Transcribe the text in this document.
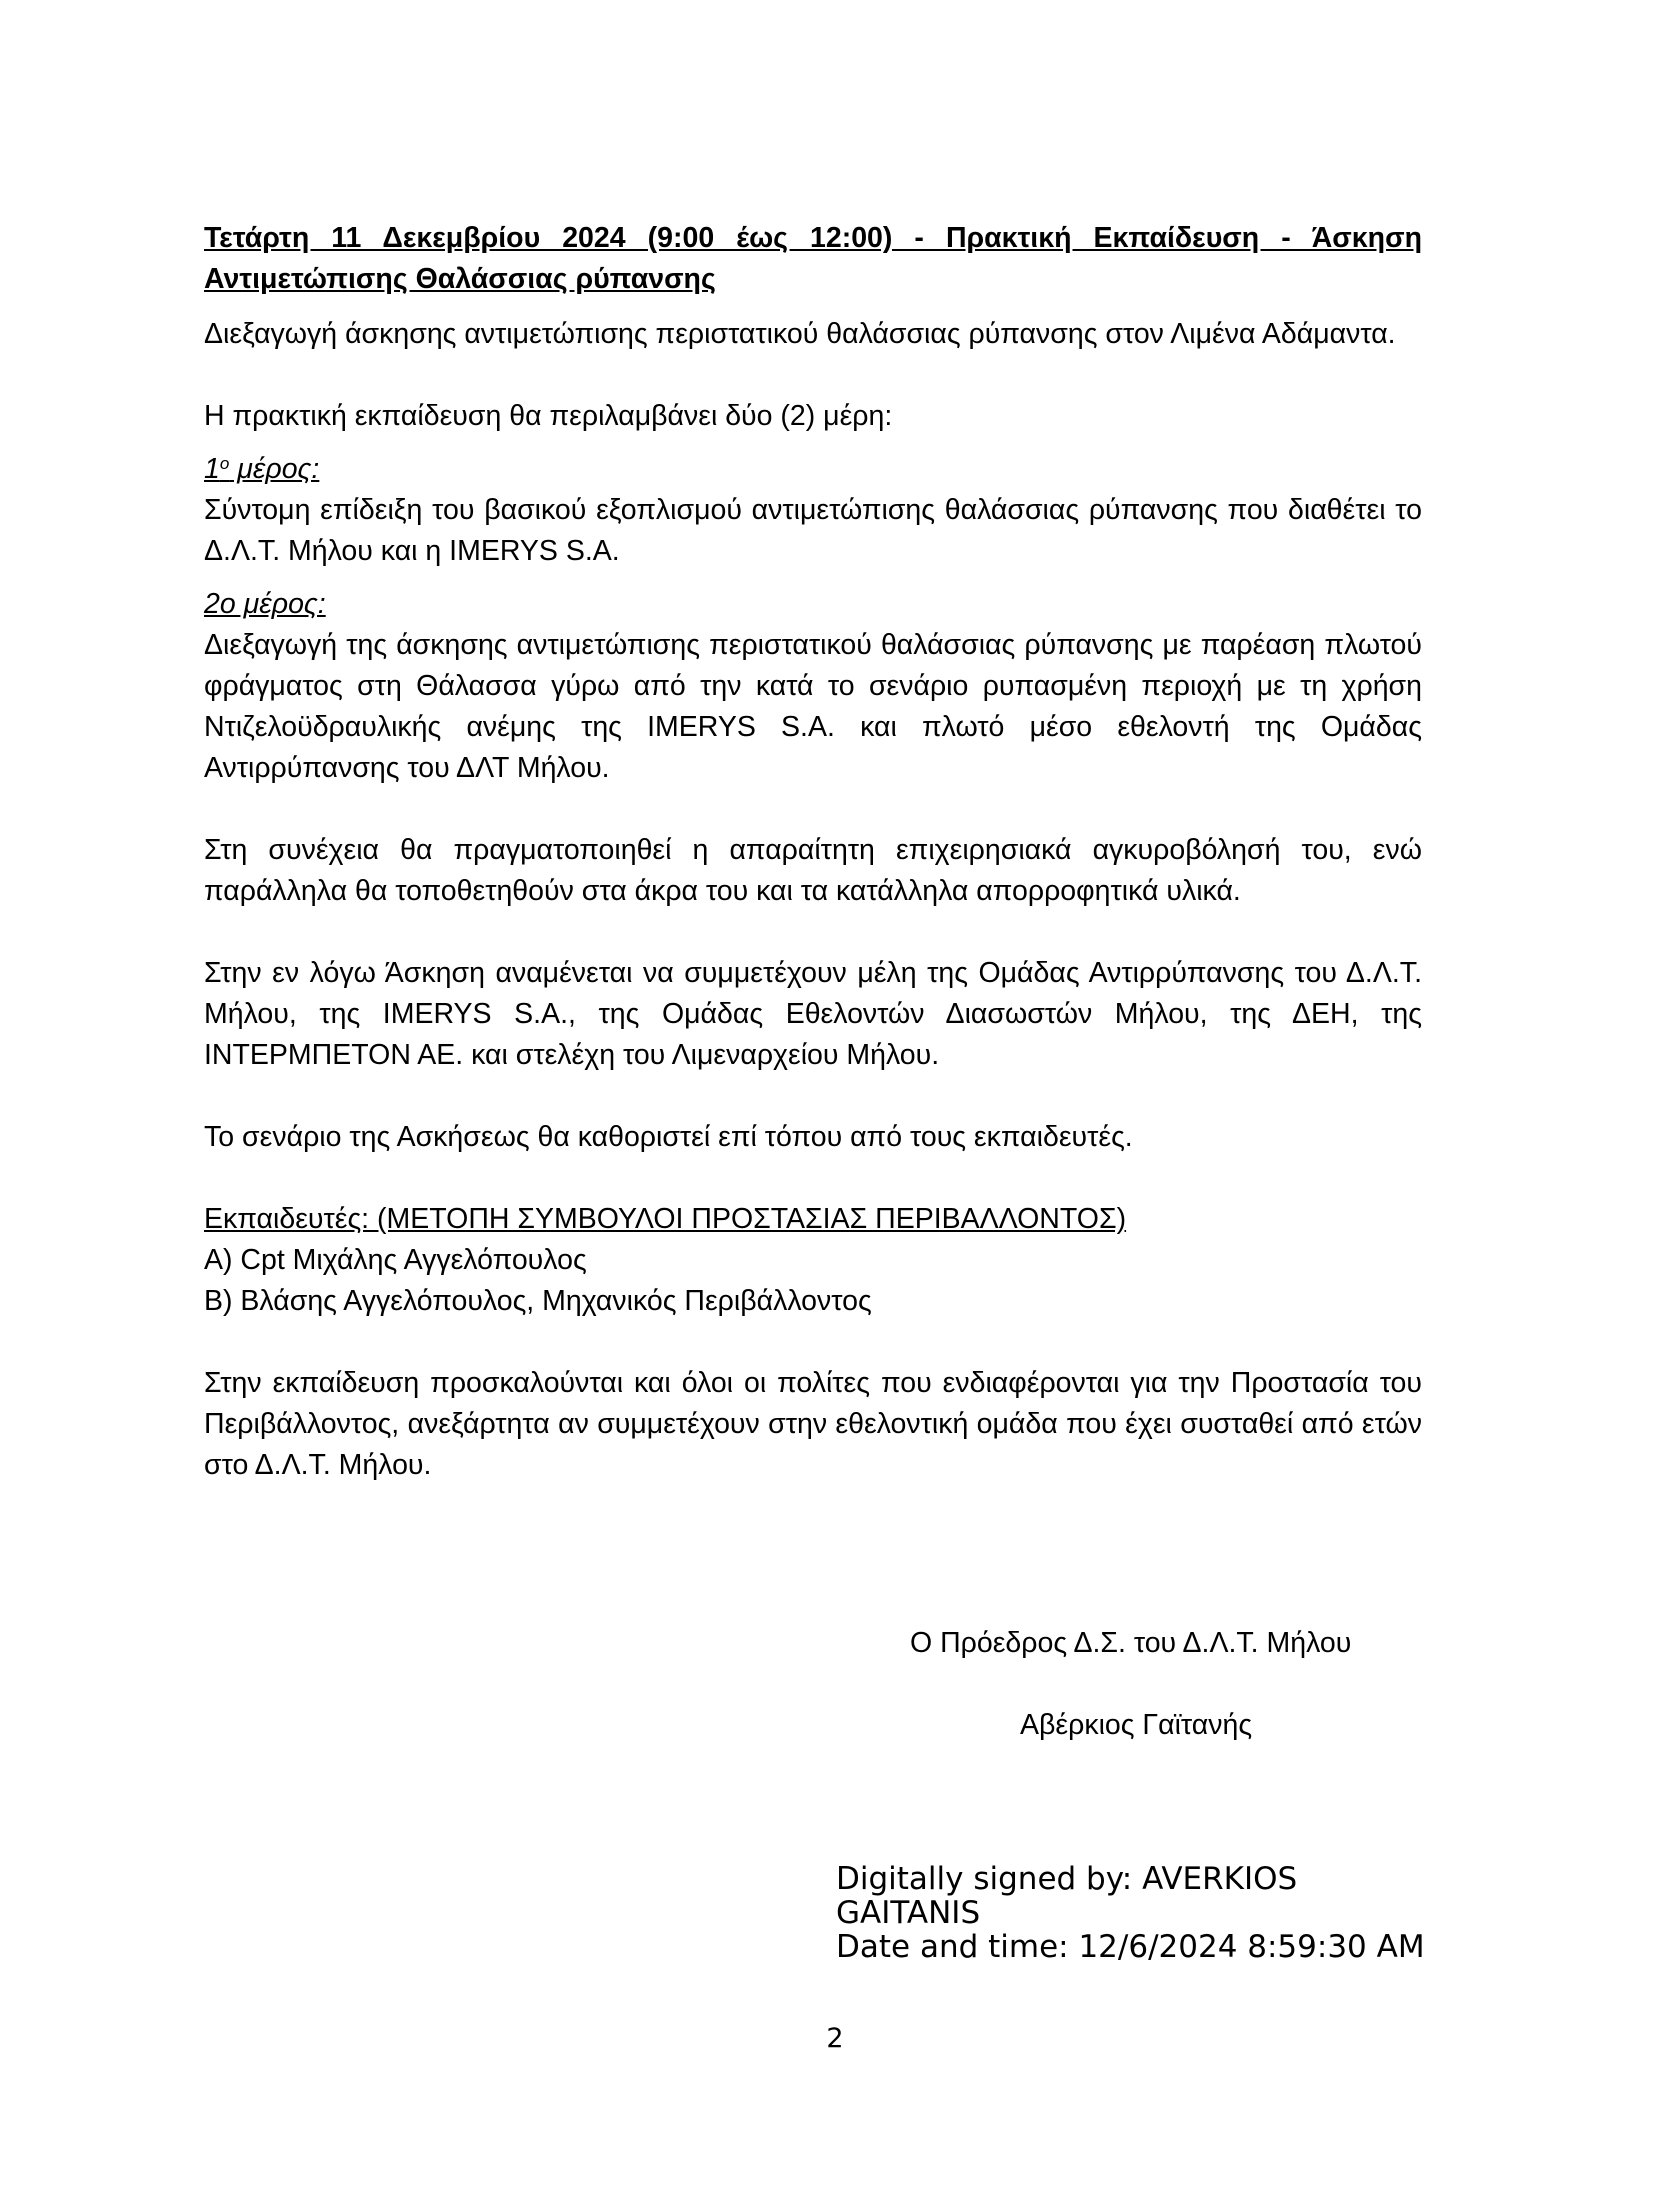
Τετάρτη 11 Δεκεμβρίου 2024 (9:00 έως 12:00) - Πρακτική Εκπαίδευση - Άσκηση Αντιμετώπισης Θαλάσσιας ρύπανσης

Διεξαγωγή άσκησης αντιμετώπισης περιστατικού θαλάσσιας ρύπανσης στον Λιμένα Αδάμαντα.

Η πρακτική εκπαίδευση θα περιλαμβάνει δύο (2) μέρη:

$1^o$ μέρος:

Σύντομη επίδειξη του βασικού εξοπλισμού αντιμετώπισης θαλάσσιας ρύπανσης που διαθέτει το Δ.Λ.Τ. Μήλου και η IMERYS S.A.

2ο μέρος:

Διεξαγωγή της άσκησης αντιμετώπισης περιστατικού θαλάσσιας ρύπανσης με παρέαση πλωτού φράγματος στη Θάλασσα γύρω από την κατά το σενάριο ρυπασμένη περιοχή με τη χρήση Ντιζελοϋδραυλικής ανέμης της IMERYS S.A. και πλωτό μέσο εθελοντή της Ομάδας Αντιρρύπανσης του ΔΛΤ Μήλου.

Στη συνέχεια θα πραγματοποιηθεί η απαραίτητη επιχειρησιακά αγκυροβόλησή του, ενώ παράλληλα θα τοποθετηθούν στα άκρα του και τα κατάλληλα απορροφητικά υλικά.

Στην εν λόγω Άσκηση αναμένεται να συμμετέχουν μέλη της Ομάδας Αντιρρύπανσης του Δ.Λ.Τ. Μήλου, της IMERYS S.A., της Ομάδας Εθελοντών Διασωστών Μήλου, της ΔΕΗ, της ΙΝΤΕΡΜΠΕΤΟΝ ΑΕ. και στελέχη του Λιμεναρχείου Μήλου.

Το σενάριο της Ασκήσεως θα καθοριστεί επί τόπου από τους εκπαιδευτές.

Εκπαιδευτές: (ΜΕΤΟΠΗ ΣΥΜΒΟΥΛΟΙ ΠΡΟΣΤΑΣΙΑΣ ΠΕΡΙΒΑΛΛΟΝΤΟΣ)

Α) Cpt Μιχάλης Αγγελόπουλος

Β) Βλάσης Αγγελόπουλος, Μηχανικός Περιβάλλοντος

Στην εκπαίδευση προσκαλούνται και όλοι οι πολίτες που ενδιαφέρονται για την Προστασία του Περιβάλλοντος, ανεξάρτητα αν συμμετέχουν στην εθελοντική ομάδα που έχει συσταθεί από ετών στο Δ.Λ.Τ. Μήλου.

Ο Πρόεδρος Δ.Σ. του Δ.Λ.Τ. Μήλου
Αβέρκιος Γαϊτανής
Digitally signed by: AVERKIOS
GAITANIS
Date and time: 12/6/2024 8:59:30 AM
2
